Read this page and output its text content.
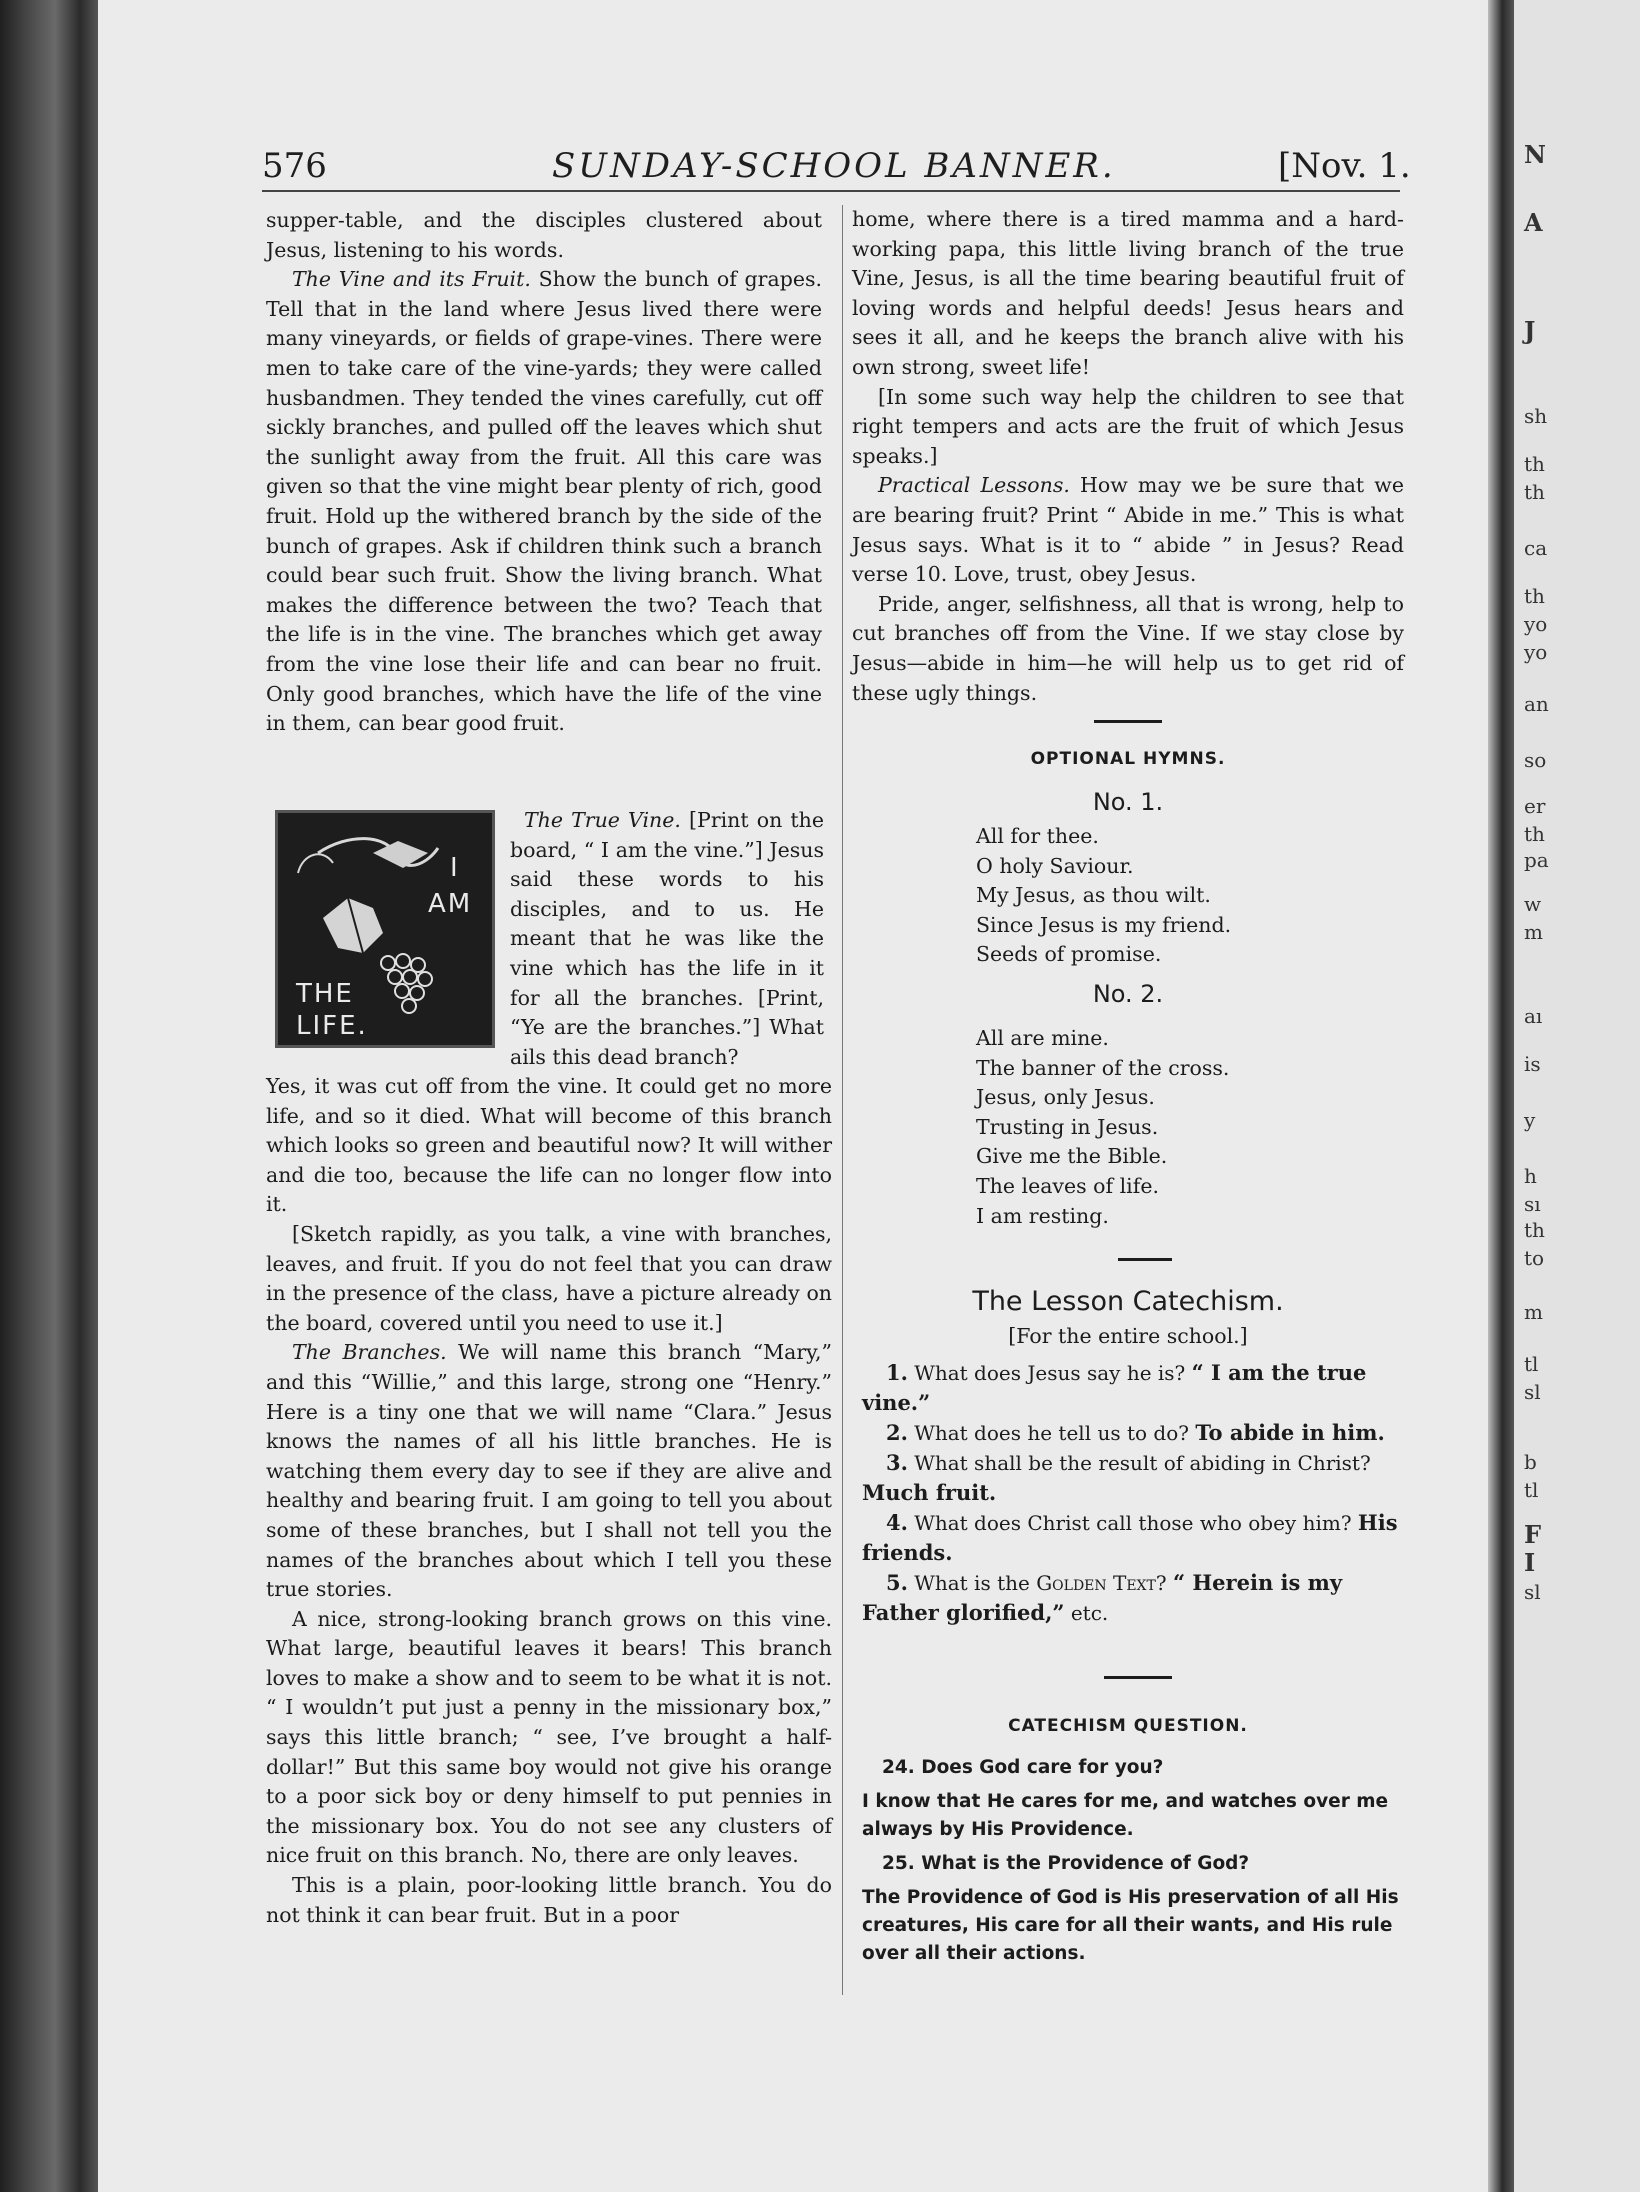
N
A
J
sh
th
th
ca
th
yo
yo
an
so
er
th
pa
w
m
aı
is
y
h
sı
th
to
m
tl
sl
b
tl
F
I
sl
576	SUNDAY-SCHOOL BANNER.	[Nov. 1.

supper-table, and the disciples clustered about Jesus, listening to his words.

The Vine and its Fruit. Show the bunch of grapes. Tell that in the land where Jesus lived there were many vineyards, or fields of grape-vines. There were men to take care of the vine-yards; they were called husbandmen. They tended the vines carefully, cut off sickly branches, and pulled off the leaves which shut the sunlight away from the fruit. All this care was given so that the vine might bear plenty of rich, good fruit. Hold up the withered branch by the side of the bunch of grapes. Ask if children think such a branch could bear such fruit. Show the living branch. What makes the difference between the two? Teach that the life is in the vine. The branches which get away from the vine lose their life and can bear no fruit. Only good branches, which have the life of the vine in them, can bear good fruit.

I
AM
THE
LIFE.

The True Vine. [Print on the board, “ I am the vine.”] Jesus said these words to his disciples, and to us. He meant that he was like the vine which has the life in it for all the branches. [Print, “Ye are the branches.”] What ails this dead branch?

Yes, it was cut off from the vine. It could get no more life, and so it died. What will become of this branch which looks so green and beautiful now? It will wither and die too, because the life can no longer flow into it.

[Sketch rapidly, as you talk, a vine with branches, leaves, and fruit. If you do not feel that you can draw in the presence of the class, have a picture already on the board, covered until you need to use it.]

The Branches. We will name this branch “Mary,” and this “Willie,” and this large, strong one “Henry.” Here is a tiny one that we will name “Clara.” Jesus knows the names of all his little branches. He is watching them every day to see if they are alive and healthy and bearing fruit. I am going to tell you about some of these branches, but I shall not tell you the names of the branches about which I tell you these true stories.

A nice, strong-looking branch grows on this vine. What large, beautiful leaves it bears! This branch loves to make a show and to seem to be what it is not. “ I wouldn’t put just a penny in the missionary box,” says this little branch; “ see, I’ve brought a half-dollar!” But this same boy would not give his orange to a poor sick boy or deny himself to put pennies in the missionary box. You do not see any clusters of nice fruit on this branch. No, there are only leaves.

This is a plain, poor-looking little branch. You do not think it can bear fruit. But in a poor

home, where there is a tired mamma and a hard-working papa, this little living branch of the true Vine, Jesus, is all the time bearing beautiful fruit of loving words and helpful deeds! Jesus hears and sees it all, and he keeps the branch alive with his own strong, sweet life!

[In some such way help the children to see that right tempers and acts are the fruit of which Jesus speaks.]

Practical Lessons. How may we be sure that we are bearing fruit? Print “ Abide in me.” This is what Jesus says. What is it to “ abide ” in Jesus? Read verse 10. Love, trust, obey Jesus.

Pride, anger, selfishness, all that is wrong, help to cut branches off from the Vine. If we stay close by Jesus—abide in him—he will help us to get rid of these ugly things.

OPTIONAL HYMNS.
No. 1.
All for thee.
O holy Saviour.
My Jesus, as thou wilt.
Since Jesus is my friend.
Seeds of promise.
No. 2.
All are mine.
The banner of the cross.
Jesus, only Jesus.
Trusting in Jesus.
Give me the Bible.
The leaves of life.
I am resting.
The Lesson Catechism.
[For the entire school.]

1. What does Jesus say he is? “ I am the true vine.”

2. What does he tell us to do? To abide in him.

3. What shall be the result of abiding in Christ? Much fruit.

4. What does Christ call those who obey him? His friends.

5. What is the Golden Text? “ Herein is my Father glorified,” etc.

CATECHISM QUESTION.

24. Does God care for you?

I know that He cares for me, and watches over me always by His Providence.

25. What is the Providence of God?

The Providence of God is His preservation of all His creatures, His care for all their wants, and His rule over all their actions.
